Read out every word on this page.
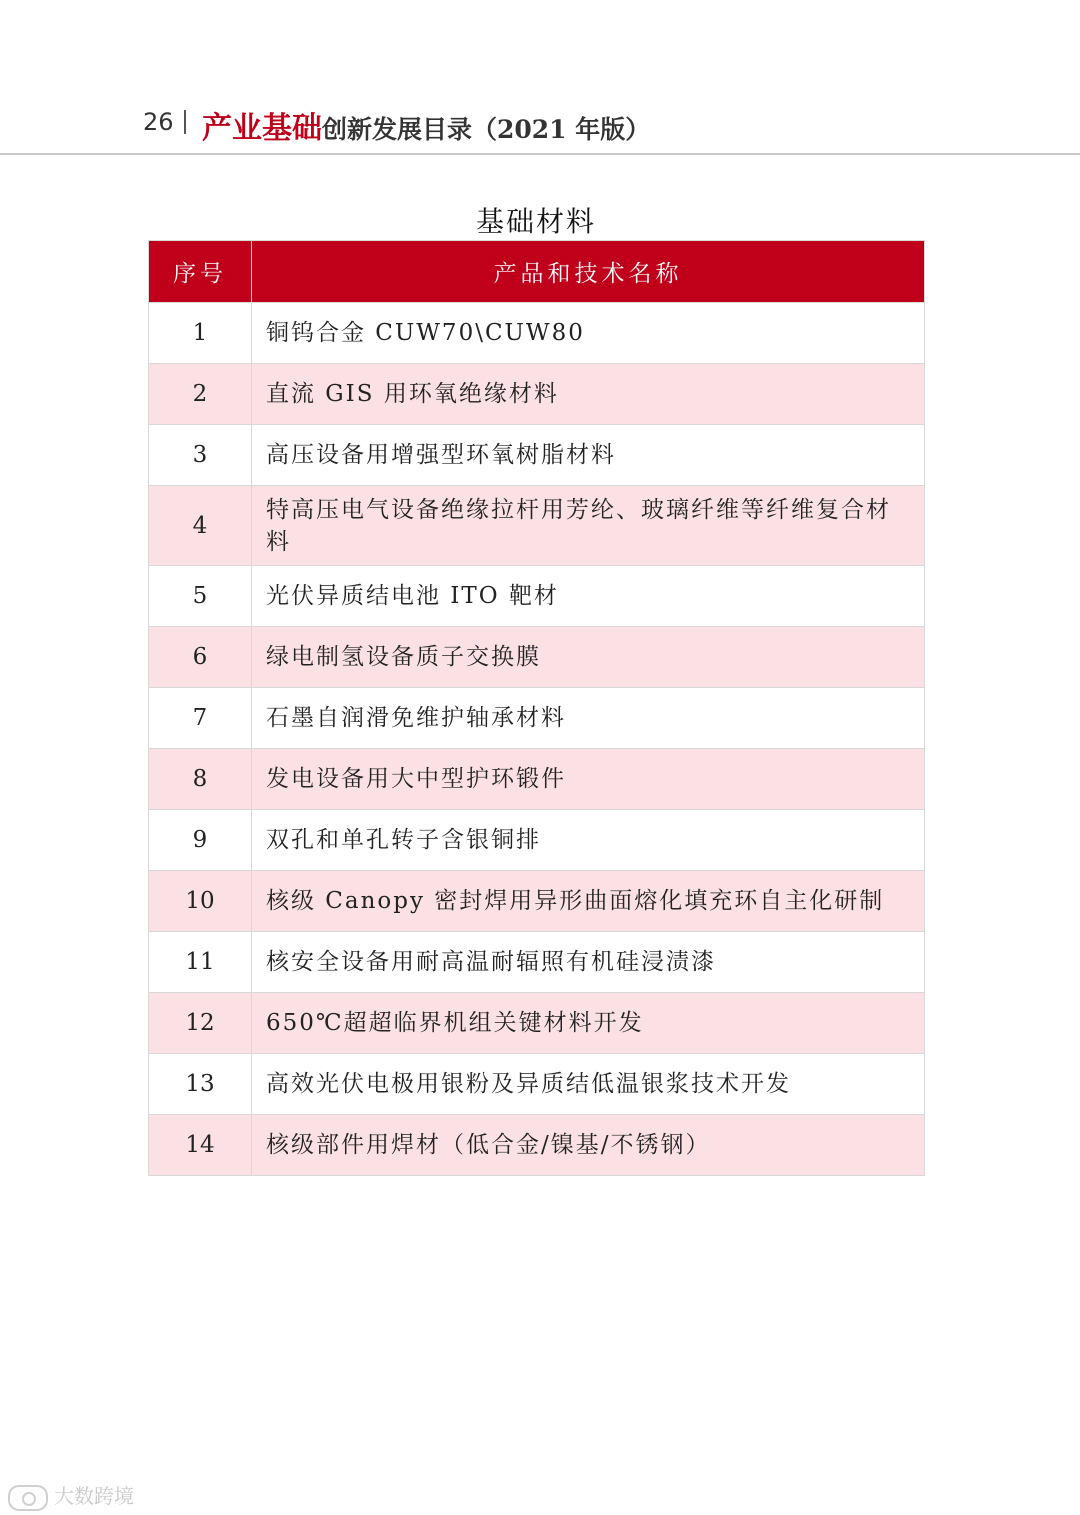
26 产业基础创新发展目录（2021 年版）
基础材料
序号	产品和技术名称
1	铜钨合金 CUW70\CUW80
2	直流 GIS 用环氧绝缘材料
3	高压设备用增强型环氧树脂材料
4	特高压电气设备绝缘拉杆用芳纶、玻璃纤维等纤维复合材料
5	光伏异质结电池 ITO 靶材
6	绿电制氢设备质子交换膜
7	石墨自润滑免维护轴承材料
8	发电设备用大中型护环锻件
9	双孔和单孔转子含银铜排
10	核级 Canopy 密封焊用异形曲面熔化填充环自主化研制
11	核安全设备用耐高温耐辐照有机硅浸渍漆
12	650℃超超临界机组关键材料开发
13	高效光伏电极用银粉及异质结低温银浆技术开发
14	核级部件用焊材（低合金/镍基/不锈钢）
大数跨境
